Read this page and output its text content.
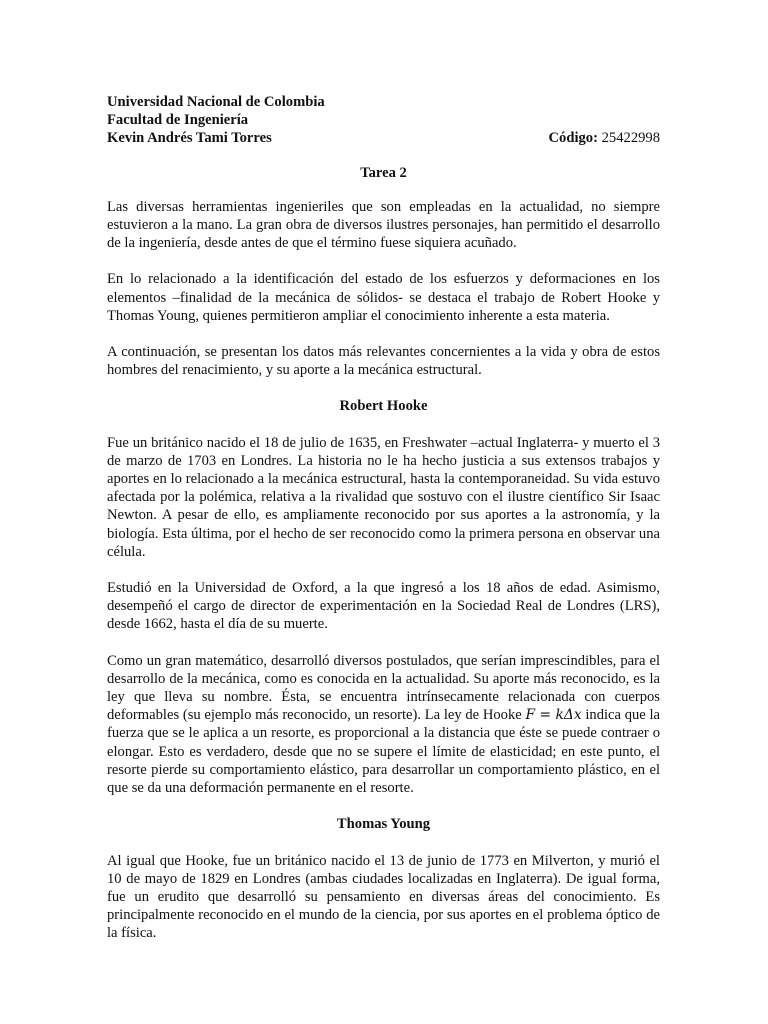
Universidad Nacional de Colombia
Facultad de Ingeniería
Kevin Andrés Tami Torres	Código: 25422998
Tarea 2

Las diversas herramientas ingenieriles que son empleadas en la actualidad, no siempre estuvieron a la mano. La gran obra de diversos ilustres personajes, han permitido el desarrollo de la ingeniería, desde antes de que el término fuese siquiera acuñado.

En lo relacionado a la identificación del estado de los esfuerzos y deformaciones en los elementos –finalidad de la mecánica de sólidos- se destaca el trabajo de Robert Hooke y Thomas Young, quienes permitieron ampliar el conocimiento inherente a esta materia.

A continuación, se presentan los datos más relevantes concernientes a la vida y obra de estos hombres del renacimiento, y su aporte a la mecánica estructural.

Robert Hooke

Fue un británico nacido el 18 de julio de 1635, en Freshwater –actual Inglaterra- y muerto el 3 de marzo de 1703 en Londres. La historia no le ha hecho justicia a sus extensos trabajos y aportes en lo relacionado a la mecánica estructural, hasta la contemporaneidad. Su vida estuvo afectada por la polémica, relativa a la rivalidad que sostuvo con el ilustre científico Sir Isaac Newton. A pesar de ello, es ampliamente reconocido por sus aportes a la astronomía, y la biología. Esta última, por el hecho de ser reconocido como la primera persona en observar una célula.

Estudió en la Universidad de Oxford, a la que ingresó a los 18 años de edad. Asimismo, desempeñó el cargo de director de experimentación en la Sociedad Real de Londres (LRS), desde 1662, hasta el día de su muerte.

Como un gran matemático, desarrolló diversos postulados, que serían imprescindibles, para el desarrollo de la mecánica, como es conocida en la actualidad. Su aporte más reconocido, es la ley que lleva su nombre. Ésta, se encuentra intrínsecamente relacionada con cuerpos deformables (su ejemplo más reconocido, un resorte). La ley de Hooke F = kΔx indica que la fuerza que se le aplica a un resorte, es proporcional a la distancia que éste se puede contraer o elongar. Esto es verdadero, desde que no se supere el límite de elasticidad; en este punto, el resorte pierde su comportamiento elástico, para desarrollar un comportamiento plástico, en el que se da una deformación permanente en el resorte.

Thomas Young

Al igual que Hooke, fue un británico nacido el 13 de junio de 1773 en Milverton, y murió el 10 de mayo de 1829 en Londres (ambas ciudades localizadas en Inglaterra). De igual forma, fue un erudito que desarrolló su pensamiento en diversas áreas del conocimiento. Es principalmente reconocido en el mundo de la ciencia, por sus aportes en el problema óptico de la física.
